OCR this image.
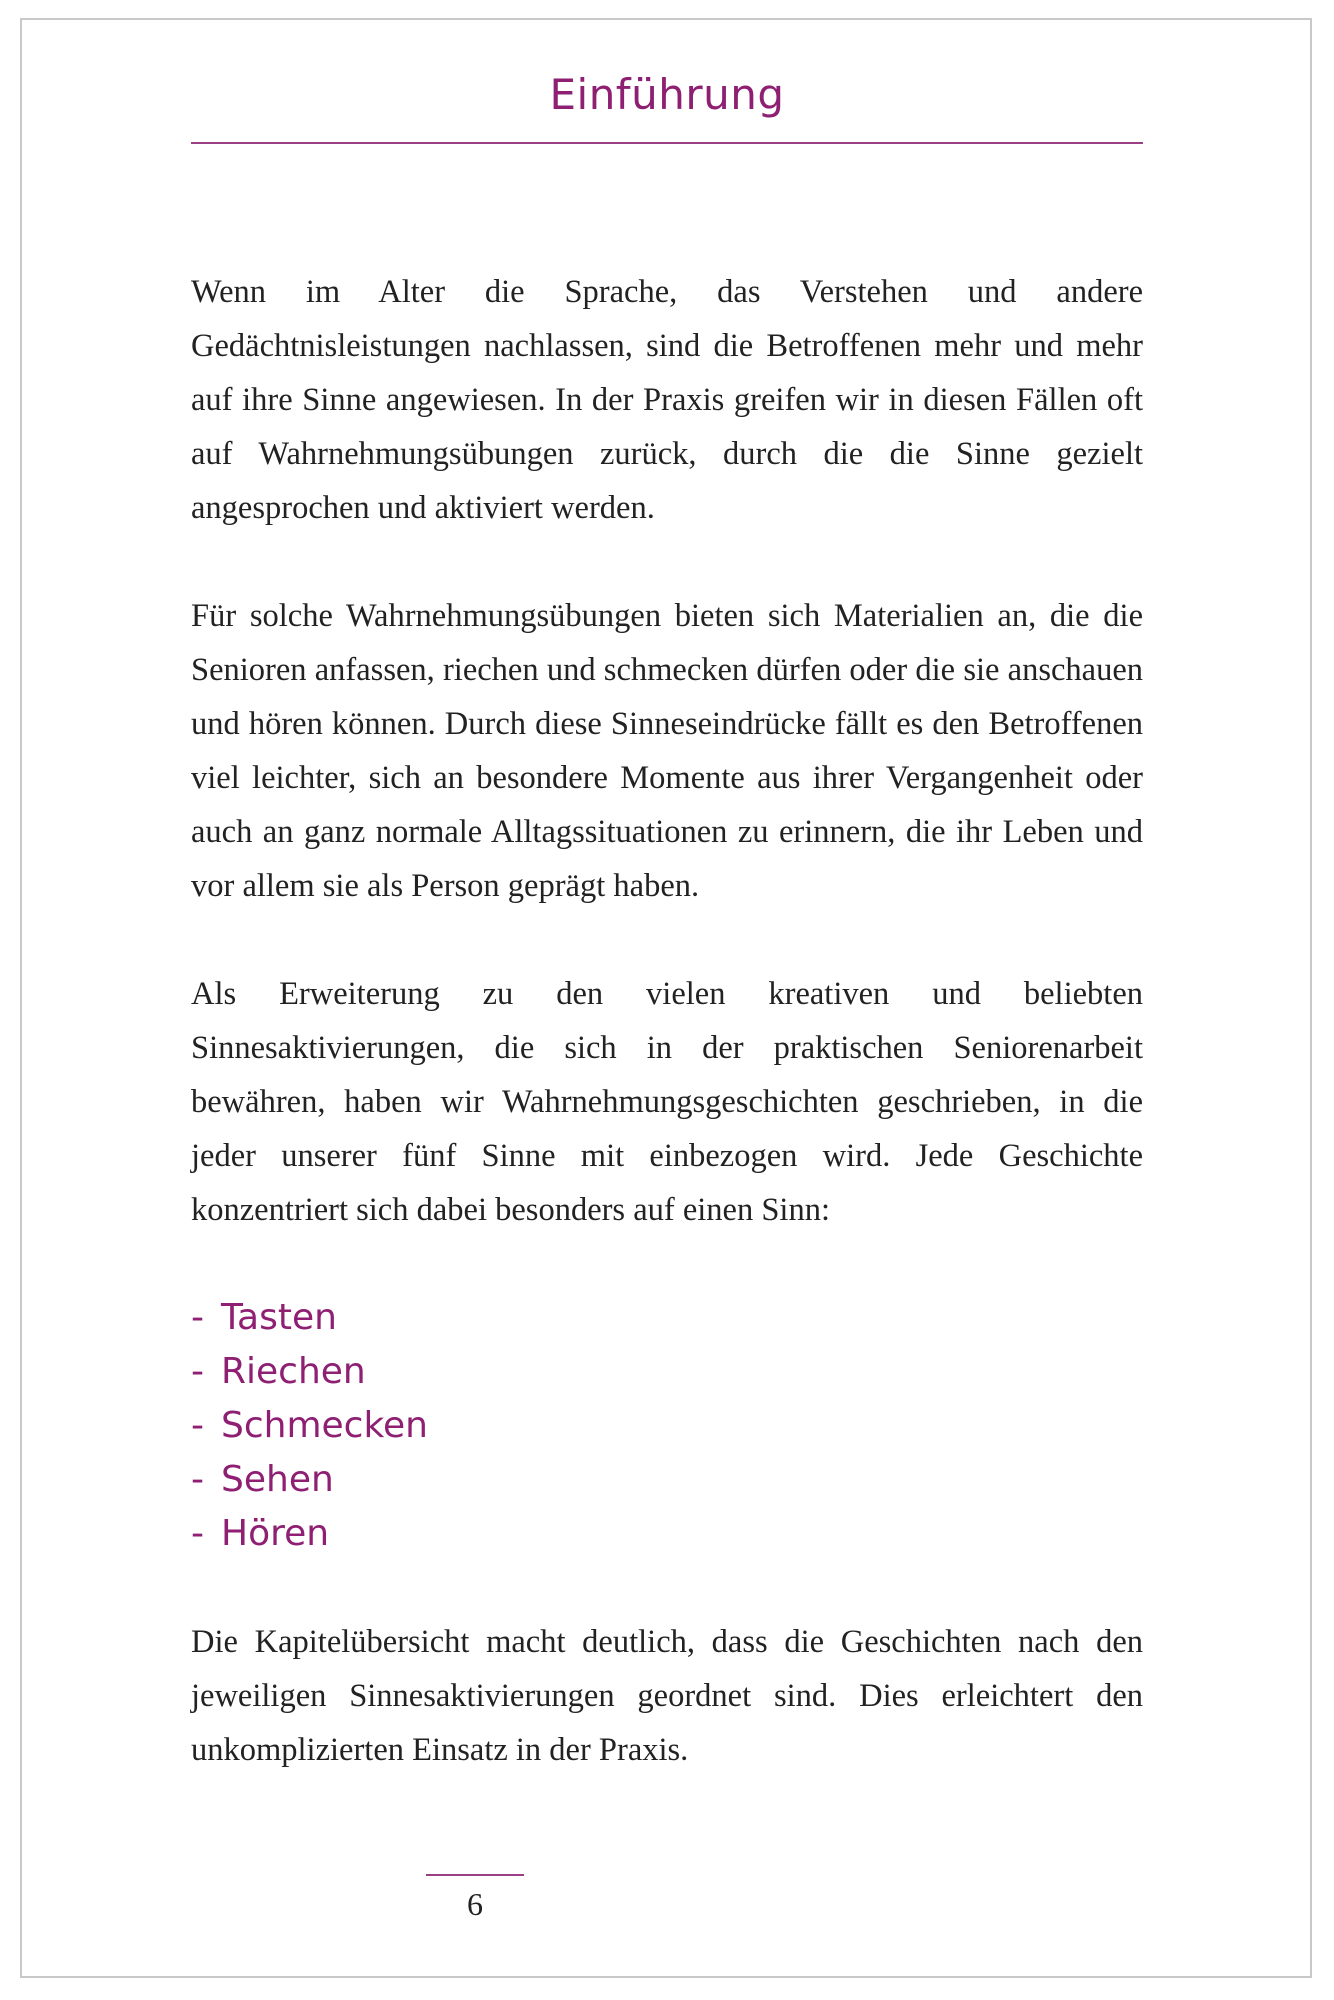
Einführung

Wenn im Alter die Sprache, das Verstehen und andere Gedächtnisleistungen nachlassen, sind die Betroffenen mehr und mehr auf ihre Sinne angewiesen. In der Praxis greifen wir in diesen Fällen oft auf Wahrnehmungsübungen zurück, durch die die Sinne gezielt angesprochen und aktiviert werden.

Für solche Wahrnehmungsübungen bieten sich Materialien an, die die Senioren anfassen, riechen und schmecken dürfen oder die sie anschauen und hören können. Durch diese Sinneseindrücke fällt es den Betroffenen viel leichter, sich an besondere Momente aus ihrer Vergangenheit oder auch an ganz normale Alltagssituationen zu erinnern, die ihr Leben und vor allem sie als Person geprägt haben.

Als Erweiterung zu den vielen kreativen und beliebten Sinnesaktivierungen, die sich in der praktischen Seniorenarbeit bewähren, haben wir Wahrnehmungsgeschichten geschrieben, in die jeder unserer fünf Sinne mit einbezogen wird. Jede Geschichte konzentriert sich dabei besonders auf einen Sinn:

- Tasten
- Riechen
- Schmecken
- Sehen
- Hören

Die Kapitelübersicht macht deutlich, dass die Geschichten nach den jeweiligen Sinnesaktivierungen geordnet sind. Dies erleichtert den unkomplizierten Einsatz in der Praxis.

6
